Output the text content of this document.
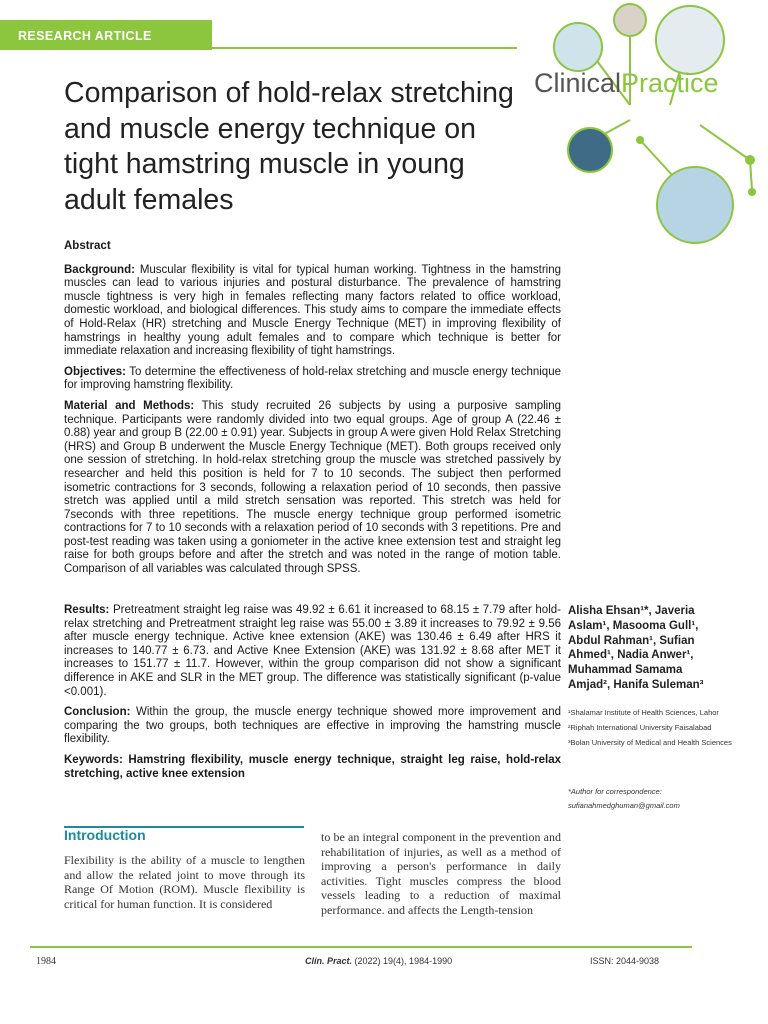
RESEARCH ARTICLE
ClinicalPractice
Comparison of hold-relax stretching and muscle energy technique on tight hamstring muscle in young adult females
Abstract

Background: Muscular flexibility is vital for typical human working. Tightness in the hamstring muscles can lead to various injuries and postural disturbance. The prevalence of hamstring muscle tightness is very high in females reflecting many factors related to office workload, domestic workload, and biological differences. This study aims to compare the immediate effects of Hold-Relax (HR) stretching and Muscle Energy Technique (MET) in improving flexibility of hamstrings in healthy young adult females and to compare which technique is better for immediate relaxation and increasing flexibility of tight hamstrings.

Objectives: To determine the effectiveness of hold-relax stretching and muscle energy technique for improving hamstring flexibility.

Material and Methods: This study recruited 26 subjects by using a purposive sampling technique. Participants were randomly divided into two equal groups. Age of group A (22.46 ± 0.88) year and group B (22.00 ± 0.91) year. Subjects in group A were given Hold Relax Stretching (HRS) and Group B underwent the Muscle Energy Technique (MET). Both groups received only one session of stretching. In hold-relax stretching group the muscle was stretched passively by researcher and held this position is held for 7 to 10 seconds. The subject then performed isometric contractions for 3 seconds, following a relaxation period of 10 seconds, then passive stretch was applied until a mild stretch sensation was reported. This stretch was held for 7seconds with three repetitions. The muscle energy technique group performed isometric contractions for 7 to 10 seconds with a relaxation period of 10 seconds with 3 repetitions. Pre and post-test reading was taken using a goniometer in the active knee extension test and straight leg raise for both groups before and after the stretch and was noted in the range of motion table. Comparison of all variables was calculated through SPSS.

Results: Pretreatment straight leg raise was 49.92 ± 6.61 it increased to 68.15 ± 7.79 after hold-relax stretching and Pretreatment straight leg raise was 55.00 ± 3.89 it increases to 79.92 ± 9.56 after muscle energy technique. Active knee extension (AKE) was 130.46 ± 6.49 after HRS it increases to 140.77 ± 6.73. and Active Knee Extension (AKE) was 131.92 ± 8.68 after MET it increases to 151.77 ± 11.7. However, within the group comparison did not show a significant difference in AKE and SLR in the MET group. The difference was statistically significant (p-value <0.001).

Conclusion: Within the group, the muscle energy technique showed more improvement and comparing the two groups, both techniques are effective in improving the hamstring muscle flexibility.

Keywords: Hamstring flexibility, muscle energy technique, straight leg raise, hold-relax stretching, active knee extension

Alisha Ehsan¹*, Javeria Aslam¹, Masooma Gull¹, Abdul Rahman¹, Sufian Ahmed¹, Nadia Anwer¹, Muhammad Samama Amjad², Hanifa Suleman³
¹Shalamar Institute of Health Sciences, Lahor
²Riphah International University Faisalabad
³Bolan University of Medical and Health Sciences
*Author for correspondence:
sufianahmedghuman@gmail.com
Introduction
Flexibility is the ability of a muscle to lengthen and allow the related joint to move through its Range Of Motion (ROM). Muscle flexibility is critical for human function. It is considered
to be an integral component in the prevention and rehabilitation of injuries, as well as a method of improving a person's performance in daily activities. Tight muscles compress the blood vessels leading to a reduction of maximal performance. and affects the Length-tension
1984	Clin. Pract. (2022) 19(4), 1984-1990	ISSN: 2044-9038
